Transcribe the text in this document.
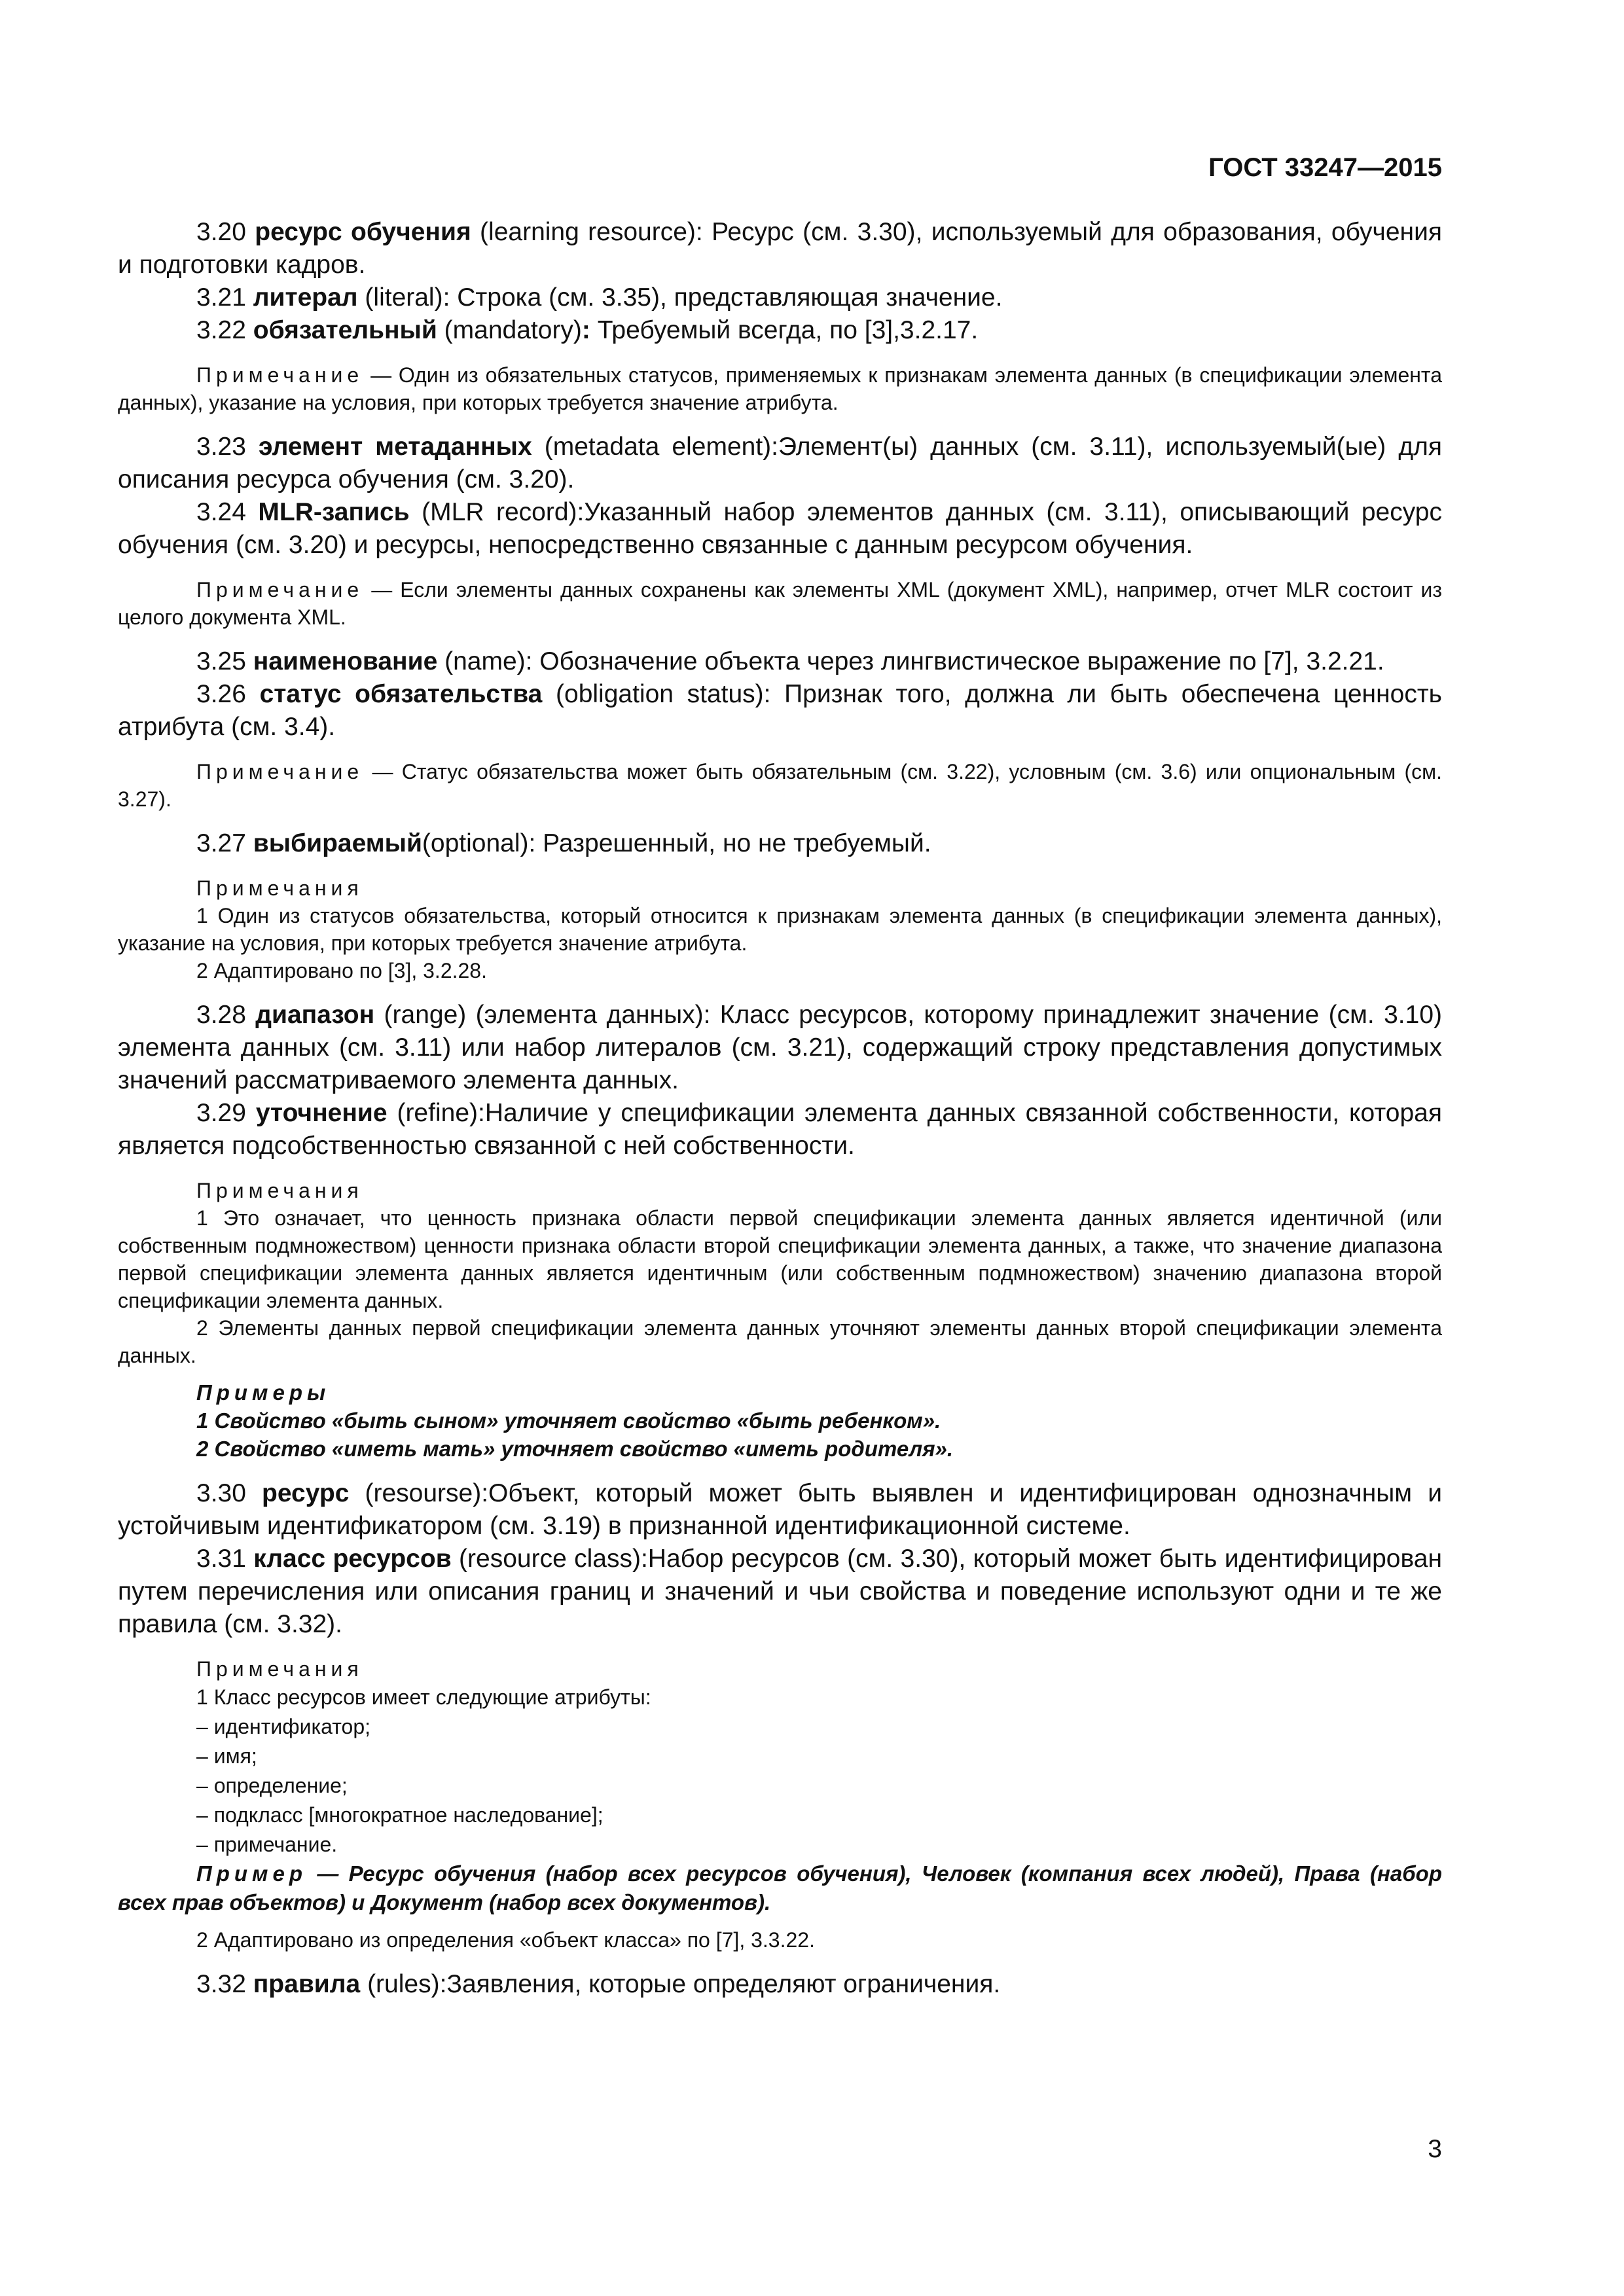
ГОСТ 33247—2015

3.20 ресурс обучения (learning resource): Ресурс (см. 3.30), используемый для образования, обучения и подготовки кадров.

3.21 литерал (literal): Строка (см. 3.35), представляющая значение.

3.22 обязательный (mandatory): Требуемый всегда, по [3],3.2.17.

Примечание — Один из обязательных статусов, применяемых к признакам элемента данных (в спецификации элемента данных), указание на условия, при которых требуется значение атрибута.

3.23 элемент метаданных (metadata element):Элемент(ы) данных (см. 3.11), используемый(ые) для описания ресурса обучения (см. 3.20).

3.24 MLR-запись (MLR record):Указанный набор элементов данных (см. 3.11), описывающий ресурс обучения (см. 3.20) и ресурсы, непосредственно связанные с данным ресурсом обучения.

Примечание — Если элементы данных сохранены как элементы XML (документ XML), например, отчет MLR состоит из целого документа XML.

3.25 наименование (name): Обозначение объекта через лингвистическое выражение по [7], 3.2.21.

3.26 статус обязательства (obligation status): Признак того, должна ли быть обеспечена ценность атрибута (см. 3.4).

Примечание — Статус обязательства может быть обязательным (см. 3.22), условным (см. 3.6) или опциональным (см. 3.27).

3.27 выбираемый(optional): Разрешенный, но не требуемый.

Примечания

1 Один из статусов обязательства, который относится к признакам элемента данных (в спецификации элемента данных), указание на условия, при которых требуется значение атрибута.

2 Адаптировано по [3], 3.2.28.

3.28 диапазон (range) (элемента данных): Класс ресурсов, которому принадлежит значение (см. 3.10) элемента данных (см. 3.11) или набор литералов (см. 3.21), содержащий строку представления допустимых значений рассматриваемого элемента данных.

3.29 уточнение (refine):Наличие у спецификации элемента данных связанной собственности, которая является подсобственностью связанной с ней собственности.

Примечания

1 Это означает, что ценность признака области первой спецификации элемента данных является идентичной (или собственным подмножеством) ценности признака области второй спецификации элемента данных, а также, что значение диапазона первой спецификации элемента данных является идентичным (или собственным подмножеством) значению диапазона второй спецификации элемента данных.

2 Элементы данных первой спецификации элемента данных уточняют элементы данных второй спецификации элемента данных.

Примеры

1 Свойство «быть сыном» уточняет свойство «быть ребенком».

2 Свойство «иметь мать» уточняет свойство «иметь родителя».

3.30 ресурс (resourse):Объект, который может быть выявлен и идентифицирован однозначным и устойчивым идентификатором (см. 3.19) в признанной идентификационной системе.

3.31 класс ресурсов (resource class):Набор ресурсов (см. 3.30), который может быть идентифицирован путем перечисления или описания границ и значений и чьи свойства и поведение используют одни и те же правила (см. 3.32).

Примечания

1 Класс ресурсов имеет следующие атрибуты:

– идентификатор;

– имя;

– определение;

– подкласс [многократное наследование];

– примечание.

Пример — Ресурс обучения (набор всех ресурсов обучения), Человек (компания всех людей), Права (набор всех прав объектов) и Документ (набор всех документов).

2 Адаптировано из определения «объект класса» по [7], 3.3.22.

3.32 правила (rules):Заявления, которые определяют ограничения.

3
